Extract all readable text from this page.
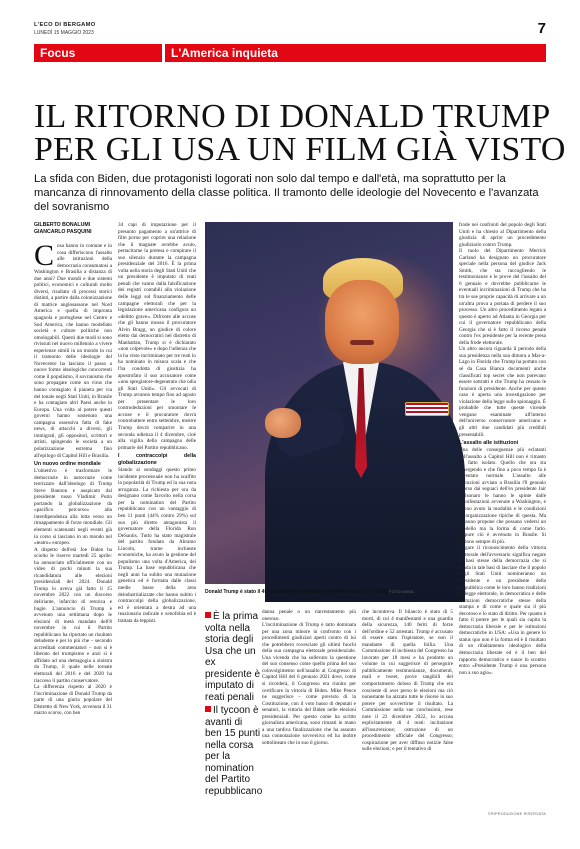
L'ECO DI BERGAMO
LUNEDÌ 15 MAGGIO 2023	7
Focus	L'America inquieta
IL RITORNO DI DONALD TRUMP
PER GLI USA UN FILM GIÀ VISTO
La sfida con Biden, due protagonisti logorati non solo dal tempo e dall'età, ma soprattutto per la mancanza di rinnovamento della classe politica. Il tramonto delle ideologie del Novecento e l'avanzata del sovranismo
GILBERTO BONALUMI
GIANCARLO PASQUINI

Cosa hanno in comune e in cosa differiscono l'assalto alle istituzioni della democrazia consumatosi a Washington e Brasilia a distanza di due anni? Due mondi e due sistemi politici, economici e culturali molto diversi, risultato di processi storici distinti, a partire dalla colonizzazione di matrice anglosassone nel Nord America e quella di impronta spagnola e portoghese nel Centro e Sud America, che hanno modellato società e culture politiche non omologabili. Questi due modi si sono rivissuti nel nuovo millennio a vivere esperienze simili in un mondo in cui il tramonto delle ideologie del Novecento ha lasciato il passo a nuove forme ideologiche concorrenti come il populismo, il sovranismo che sono propagate come un virus che hanno contagiato il pianeta per via del tonale negli Stati Uniti, in Brasile e ha contagiato altri Paesi anche in Europa. Una volta al potere questi governi hanno sostenuto una campagna ossessiva fatta di fake news, di attacchi a diversi, gli immigrati, gli oppositori, scrittori e artisti, spingendo le società a un polarizzazione estrema fino all'epilogo di Capitol Hill e Brasilia.

Un nuovo ordine mondiale

L'obiettivo è trasformare le democrazie in autocrazie come teorizzato dall'ideologo di Trump Steve Bannon e auspicato dal presidente russo Vladimir Putin portando la globalizzazione da «pacifico percorso» alla interdipendenza alla lotta verso un rimappamento di forze mondiale. Gli elementi scatenanti negli eventi già in corso si lasciano in un mondo nel «teatro» europeo.

A dispetto dell'età Joe Biden ha sciolto le riserve martedì 25 aprile: ha annunciato ufficialmente con un video di pochi minuti la sua ricandidatura alle elezioni presidenziali del 2024. Donald Trump lo aveva già fatto il 15 novembre 2022 con un discorso deliriante, infarcito di retorica e bugie. L'annuncio di Trump è avvenuto una settimana dopo le elezioni di metà mandato dell'8 novembre in cui il Partito repubblicano ha riportato un risultato deludente e per lo più che – secondo accreditati commentatori – non si è liberato del trumpismo e anzi si è affidato ad una demagogia a sinistra da Trump, il quale nelle tornate elettorali del 2016 e del 2020 ha riacceso il partito conservatore.

La differenza rispetto al 2020 è l'incriminazione di Donald Trump da parte di una giuria popolare del Distretto di New York, avvenuta il 31 marzo scorso, con ben

34 capi di imputazione per il presunto pagamento a un'attrice di film porno per coprire una relazione che il magnate avrebbe avuto, pertacitarne la pretesa e compirare il suo silenzio durante la campagna presidenziale del 2016. È la prima volta nella storia degli Stati Uniti che un presidente è imputato di reati penali che vanno dalla falsificazione dei registri contabili alla violazione delle leggi sul finanziamento delle campagne elettorali che per la legislazione americana configura un «delitto grave». Difronte alle accuse che gli hanno mosso il procuratore Alvin Bragg, un giudice di colore eletto dai democratici nel distretto di Manhattan, Trump si è dichiarato «non colpevole» e dopo l'udienza che la ha visto incriminato per tre reati lo ha nominato in misura scala e che l'ha condotta di giustizia ha apostrofato il suo accusatore come «uno spregiatore-degenerato che odia gli Stati Uniti». Gli avvocati di Trump avranno tempo fino ad agosto per presentare le loro controdeduzioni per smontare le accuse e il procuratore dovrà controbattere entro settembre, mentre Trump dovrà comparire in una seconda udienza il 4 dicembre, cioè alla vigilia della campagna delle primarie del Partito repubblicano.

I contraccolpi della globalizzazione

Stando ai sondaggi questo primo incidente processuale non ha scalfito la popolarità di Trump ed la sua nota arroganza. La richiesta per ora da designano come favorito nella corsa per la nomination del Partito repubblicano con un vantaggio di ben 11 punti (44% contro 29%) sul suo più diretto antagonista il governatore della Florida Ron DeSantis. Tutto ha stato magistrale del partito fondato da Abramo Lincoln, trarne inchieste economiche, ha avuto la gestione del populismo una volta d'America, dei Trump. La base repubblicana che negli anni ha subito una mutazione genetica ed è formata dalle classi medie basse della area deindustrializzate che hanno subito i contraccolpi della globalizzazione, ed è orientata a destra ad una reazionaria radicale e xenofobia ed è trattata da teppisti.

Donald Trump è stato il 45° presidente degli Stati Uniti d'America (2017-2021) FOTO ANSA
È la prima volta nella storia degli Usa che un ex presidente è imputato di reati penali
Il tycoon è avanti di ben 15 punti nella corsa per la nomination del Partito repubblicano

danna penale o un riarrestamento più oneroso.

L'incriminazione di Trump è tatto dominata per una zona minore in confronto con i procedimenti giudiziari aperti contro di lui che potrebbero rovesciare gli ultimi fuochi della sua campagna elettorale presidenziale. Una vicenda che ha sollevato la questione del suo consenso come quello prima del suo coinvolgimento nell'assalto al Congresso di Capitol Hill del 6 gennaio 2021 dove, come si ricorderà, il Congresso era riunito per certificare la vittoria di Biden. Mike Pence ne suggerisce – come previsto di la Costituzione, con il voto basso di deputati e senatori, la vittoria del Biden nelle elezioni presidenziali. Per questo come ha scritto giornalista americana, sono rimasti in mano a una tardiva finalizzazione che ha assunto una connotazione sovversiva ed ha inoltre sottolineato che in suo il giorno.

che incontreva. Il bilancio è stato di 5 morti, di cui 4 manifestanti e una guardia della sicurezza, 140 feriti di forze dell'ordine e 52 arrestati. Trump è accusato di essere stato l'ispiratore, se non il mandante di quella follia. Una Commissione di inchiesta del Congresso ha lavorato per 18 mesi e ha prodotto un volume in cui suggerisce di perseguire pubblicamente testimonianze, documenti, mail e tweet, prove tangibili del comportamento doloso di Trump che era cosciente di aver perso le elezioni ma ciò nonostante ha aizzato tutte le risorse in suo potere per sovvertirne il risultato. La Commissione nella sue conclusioni, rese note il 22 dicembre 2022, lo accusa esplicitamente di 4 reati: incitazione all'insurrezione; ostruzione di un procedimento ufficiale del Congresso; cospirazione per aver diffuso notizie false sulle elezioni; e per il tentativo di

frode nei confronti del popolo degli Stati Uniti e ha chiesto al Dipartimento della giustizia di aprire un procedimento giudiziario contro Trump.

Il ruolo del Dipartimento Merrick Garland ha designato un procuratore speciale nella persona del giudice Jack Smith, che sta raccogliendo le testimonianze e le prove del l'assalto del 6 gennaio e dovrebbe pubblicarne le eventuali incriminazioni di Trump che ha tra le sue proprie capacità di arrivare a un un'altra prova a portata di perdere il suo processo. Un altro procedimento legato a questo è aperto ad Atlanta in Georgia per cui il governatore repubblicano della Georgia che si è fatto il ricorso penale contro l'ex presidente per la recente presa della frode elettorale.

Un altro ancora riguarda il periodo della sua presidenza nella sua dimora a Mar-a-Lago in Florida che Trump ha portato con sé da Casa Bianca documenti anche classificati top secret che non potevano essere sottratti e che Trump ha cessato le funzioni di presidente. Anche per questo caso è aperta una investigazione per violazione della legge sullo spionaggio. È probabile che tutte queste vicende vengano esaminate all'interno dell'universo conservatore americano e gli altri due candidati più credibili presentabili.

L'assalto alle istituzioni

Una delle conseguenze più eclatanti dell'assalto a Capitol Hill non è rimasto un fatto isolato. Quello che ora sta emergendo e che fino a poco tempo fa è diventato normale. L'assalto alle istituzioni avviato a Brasilia l'8 gennaio scorso dai seguaci dell'ex presidente Jair Bolsonaro le hanno le spinte dalle manifestazioni avvenute a Washington, e hanno avuto la modalità e le condizioni di organizzazione tipiche di questa. Ma nessuno propone che possano vedersi un modello ma la forma di come farlo. Eppure ciò è avvenuto in Brasile. Si vedono sempre di più.

Negare il riconoscimento della vittoria elettorale dell'avversario significa negare le basi stesse della democrazia che si fonda in tale basi di lasciare che il popolo degli Stati Uniti nomineranno un presidente e un presidente della Repubblica come le loro hanno tradizioni di legge elettorale, in democratica e delle istituzioni democratiche stesse della stampa e di come e quale sia il più decoroso e lo stato di diritto. Per quanto è fatto il potere per le quali sia capita la democrazia liberale e per le istituzioni democratiche in USA: «Usa in genere lo status quo non è la forma ed è il risultato di un ribaltamento ideologico della democrazia liberale ed è il ben del rapporto democratico e nasce lo scontro entro «Presidente Trump è una persona non a suo agio».

©RIPRODUZIONE RISERVATA
